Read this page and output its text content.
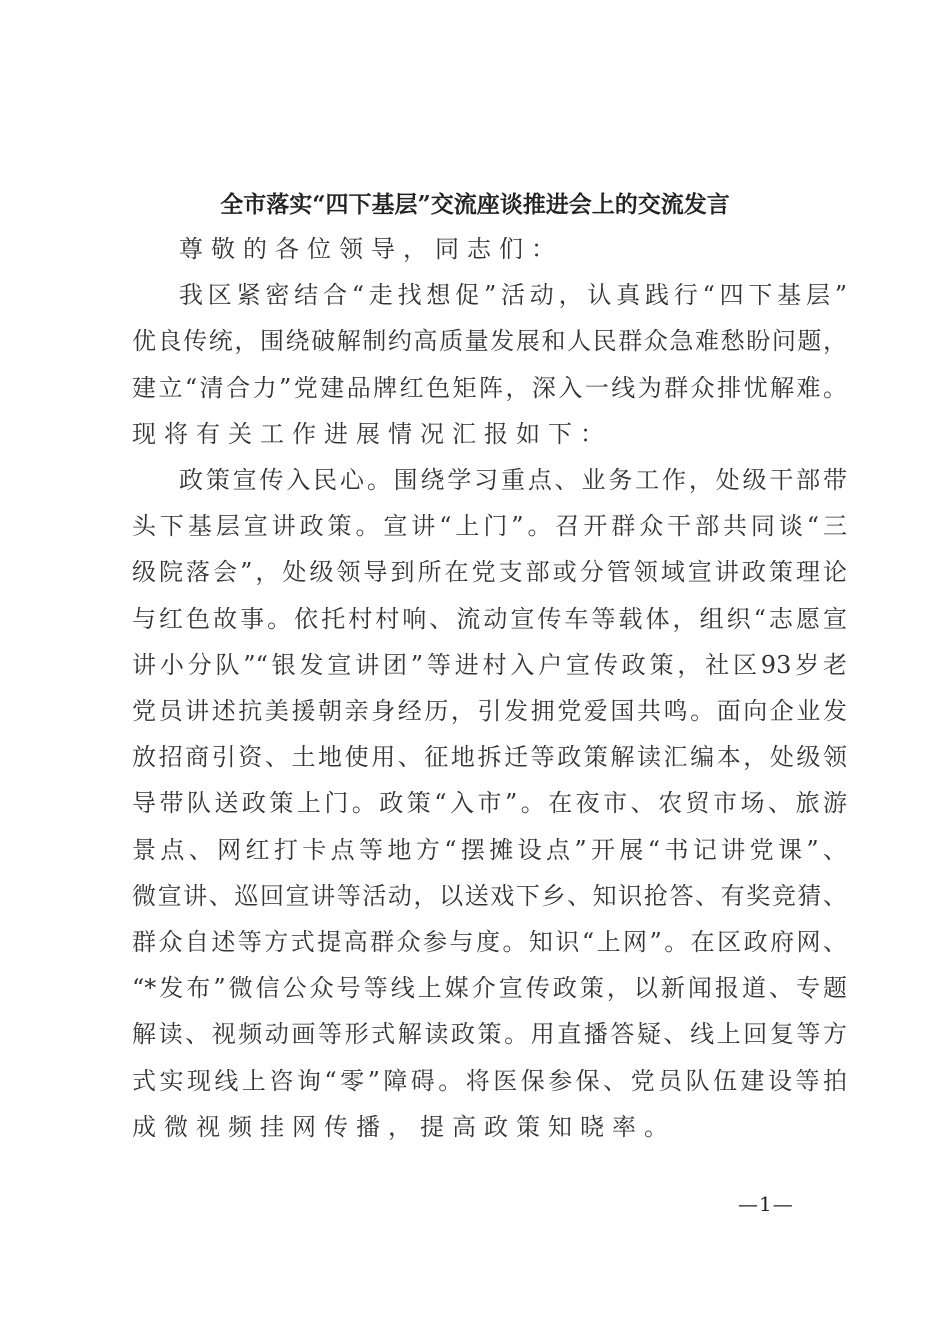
全市落实“四下基层”交流座谈推进会上的交流发言
尊敬的各位领导，同志们：
我区紧密结合“走找想促”活动，认真践行“四下基层”
优良传统，围绕破解制约高质量发展和人民群众急难愁盼问题，
建立“清合力”党建品牌红色矩阵，深入一线为群众排忧解难。
现将有关工作进展情况汇报如下：
政策宣传入民心。围绕学习重点、业务工作，处级干部带
头下基层宣讲政策。宣讲“上门”。召开群众干部共同谈“三
级院落会”，处级领导到所在党支部或分管领域宣讲政策理论
与红色故事。依托村村响、流动宣传车等载体，组织“志愿宣
讲小分队”“银发宣讲团”等进村入户宣传政策，社区93岁老
党员讲述抗美援朝亲身经历，引发拥党爱国共鸣。面向企业发
放招商引资、土地使用、征地拆迁等政策解读汇编本，处级领
导带队送政策上门。政策“入市”。在夜市、农贸市场、旅游
景点、网红打卡点等地方“摆摊设点”开展“书记讲党课”、
微宣讲、巡回宣讲等活动，以送戏下乡、知识抢答、有奖竞猜、
群众自述等方式提高群众参与度。知识“上网”。在区政府网、
“*发布”微信公众号等线上媒介宣传政策，以新闻报道、专题
解读、视频动画等形式解读政策。用直播答疑、线上回复等方
式实现线上咨询“零”障碍。将医保参保、党员队伍建设等拍
成微视频挂网传播，提高政策知晓率。
—1—
